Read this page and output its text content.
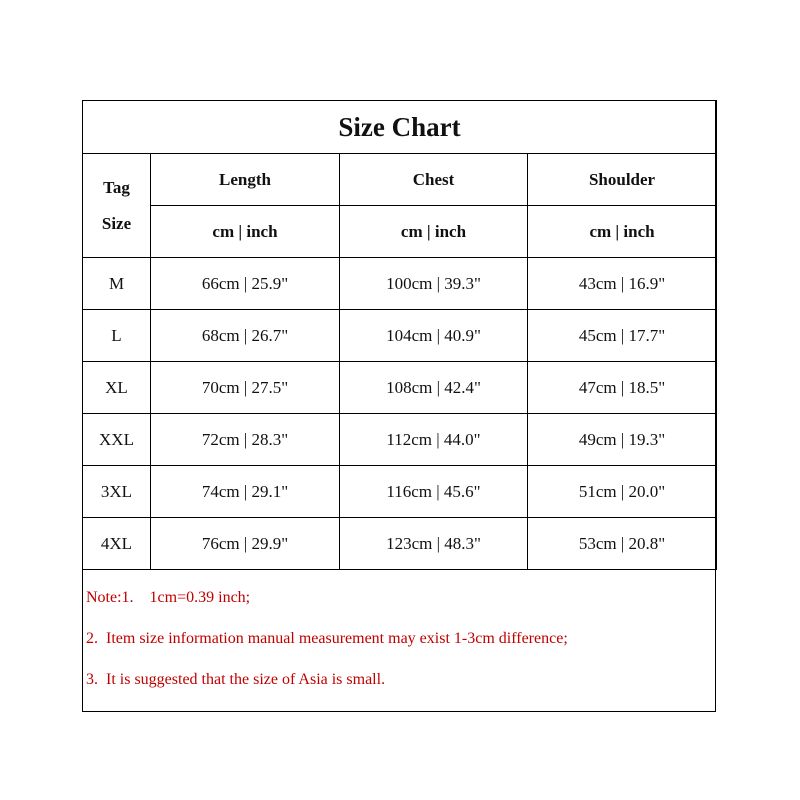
Size Chart			

Tag
Size	Length	Chest	Shoulder
	cm | inch	cm | inch	cm | inch
M	66cm | 25.9"	100cm | 39.3"	43cm | 16.9"
L	68cm | 26.7"	104cm | 40.9"	45cm | 17.7"
XL	70cm | 27.5"	108cm | 42.4"	47cm | 18.5"
XXL	72cm | 28.3"	112cm | 44.0"	49cm | 19.3"
3XL	74cm | 29.1"	116cm | 45.6"	51cm | 20.0"
4XL	76cm | 29.9"	123cm | 48.3"	53cm | 20.8"
Note:1.    1cm=0.39 inch;
2.  Item size information manual measurement may exist 1-3cm difference;
3.  It is suggested that the size of Asia is small.
